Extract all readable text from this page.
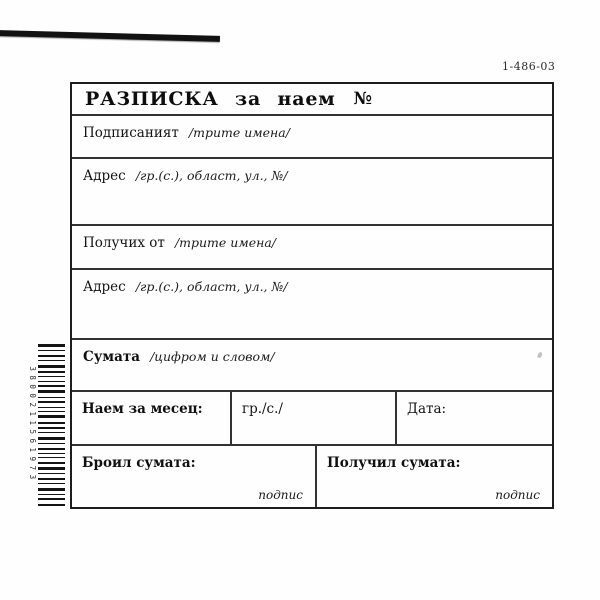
1-486-03
3800211561973
РАЗПИСКА за наем №
Подписаният /трите имена/
Адрес /гр.(с.), област, ул., №/
Получих от /трите имена/
Адрес /гр.(с.), област, ул., №/
Сумата /цифром и словом/
Наем за месец:	гр./с./	Дата:
Броил сумата:
подпис
Получил сумата:
подпис
